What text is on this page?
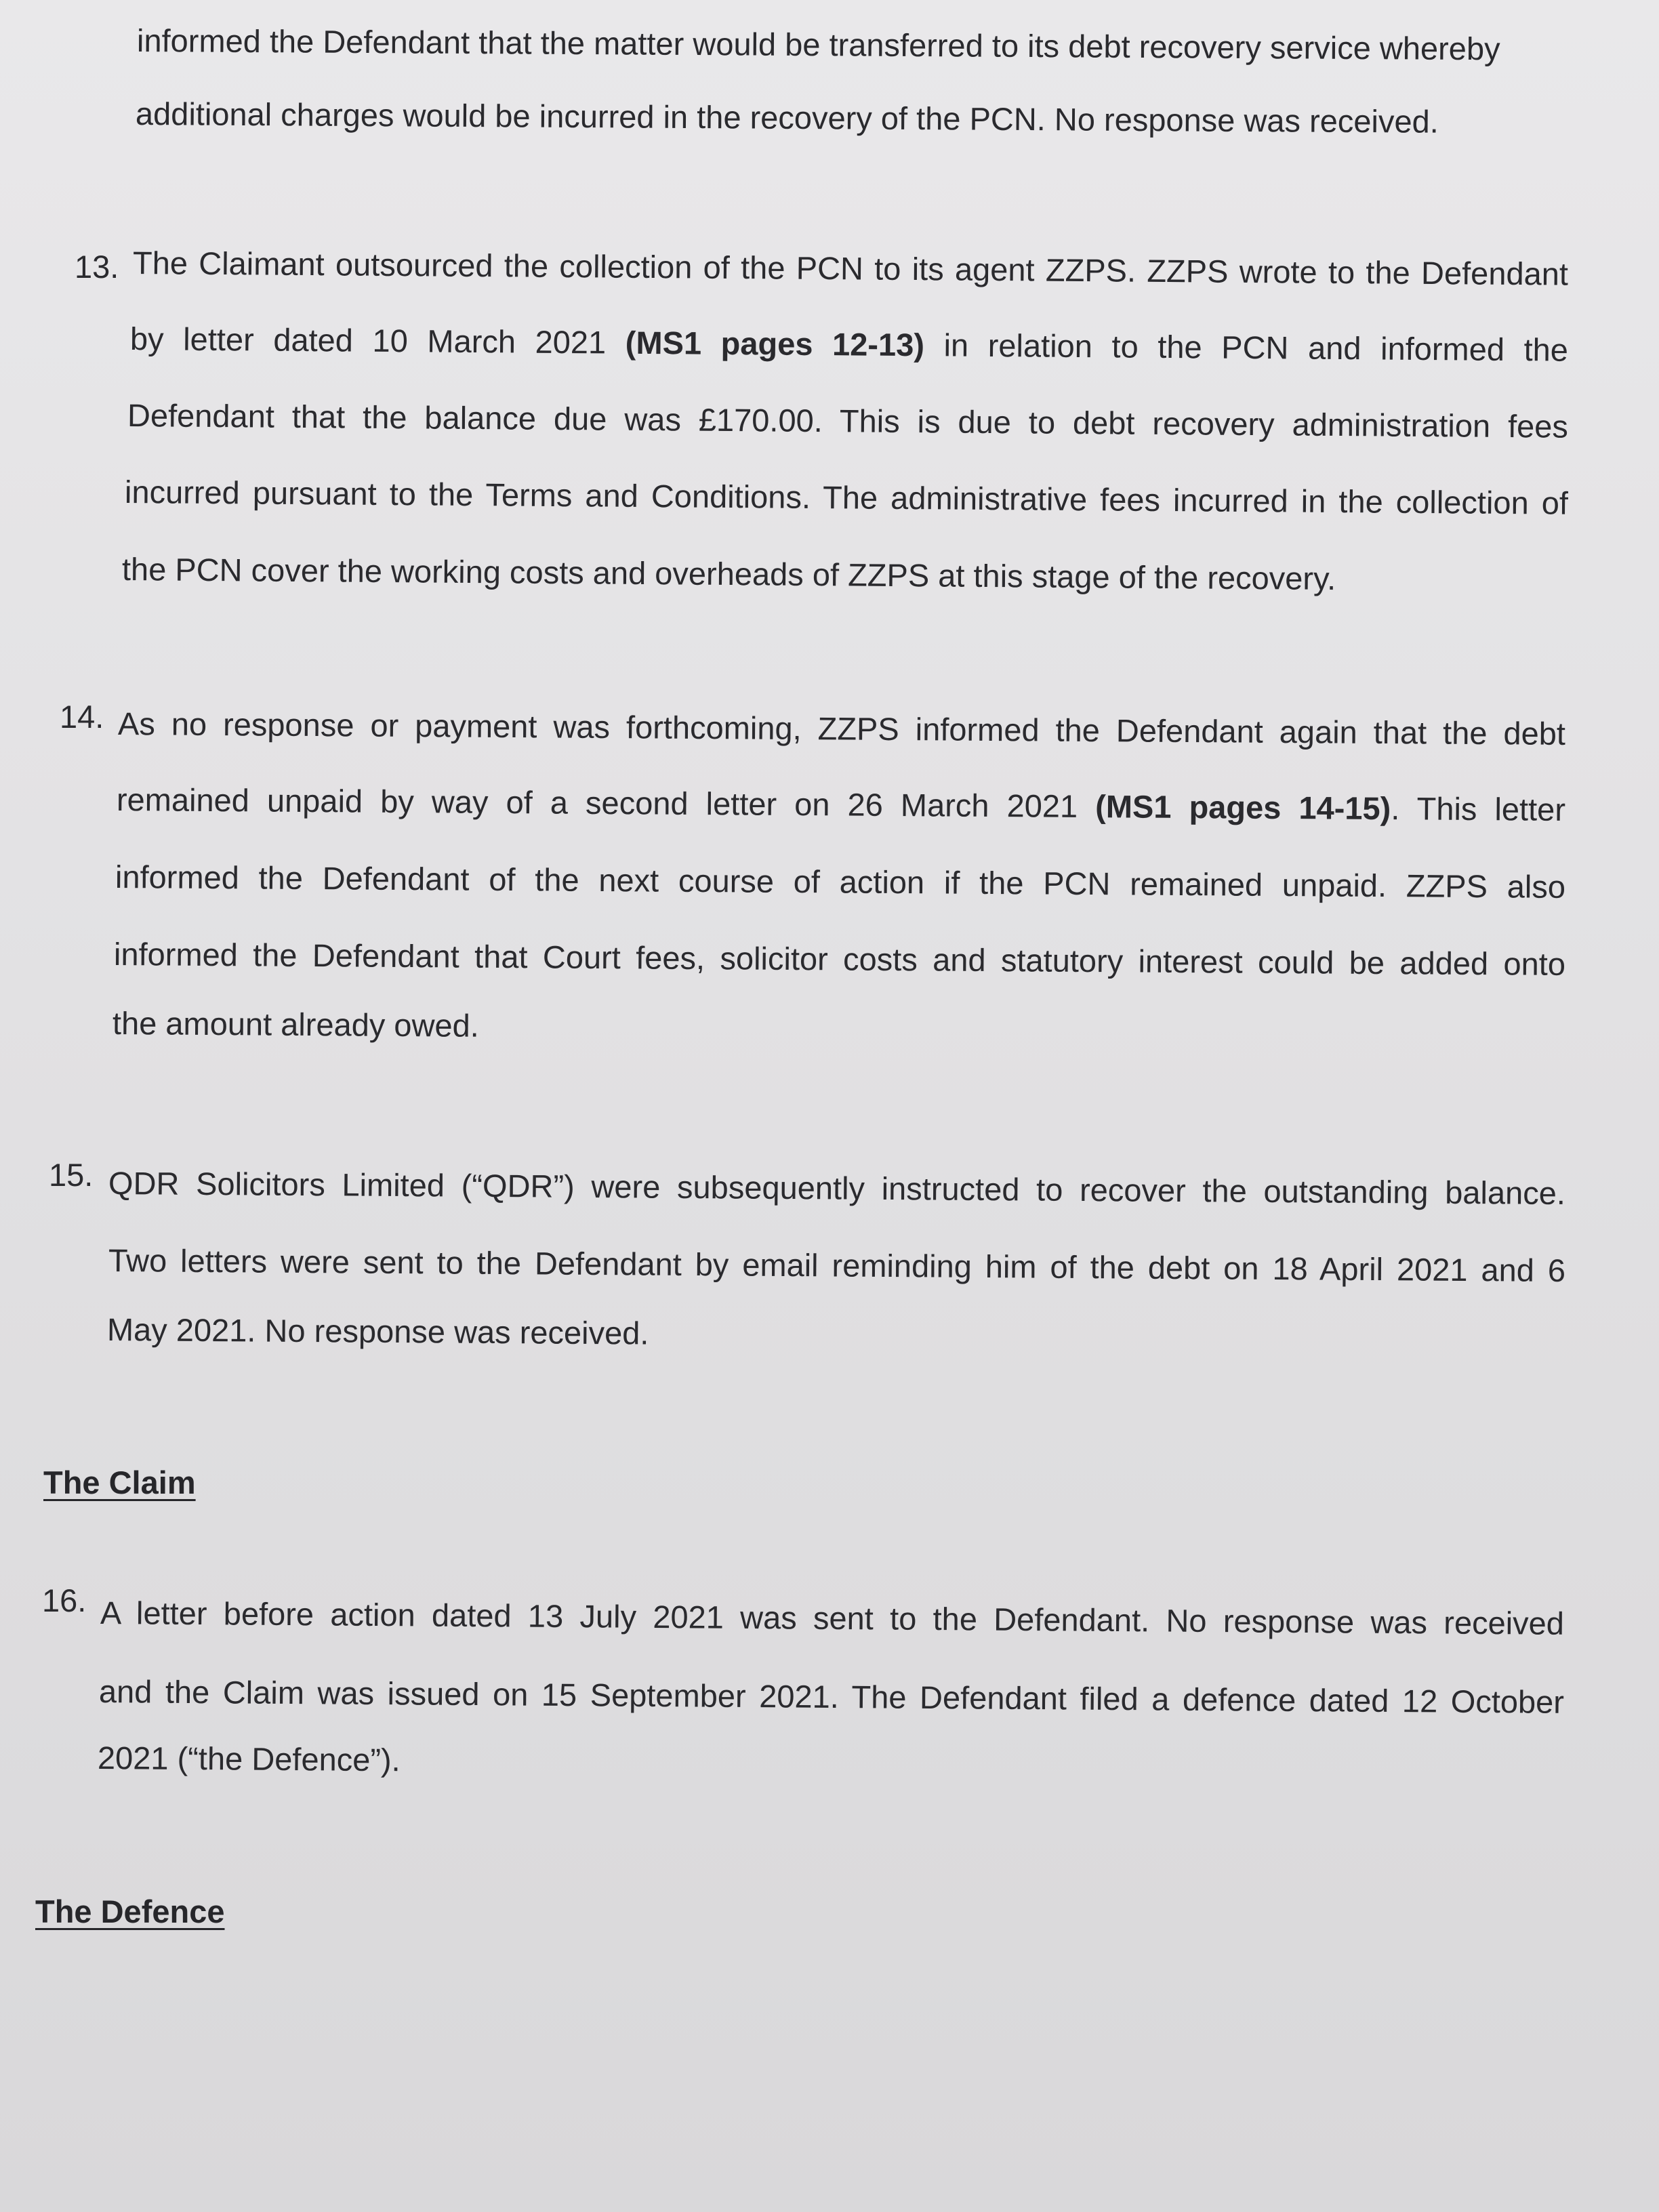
informed the Defendant that the matter would be transferred to its debt recovery service whereby
additional charges would be incurred in the recovery of the PCN. No response was received.
13. The Claimant outsourced the collection of the PCN to its agent ZZPS. ZZPS wrote to the Defendant
by letter dated 10 March 2021 (MS1 pages 12-13) in relation to the PCN and informed the
Defendant that the balance due was £170.00. This is due to debt recovery administration fees
incurred pursuant to the Terms and Conditions. The administrative fees incurred in the collection of
the PCN cover the working costs and overheads of ZZPS at this stage of the recovery.
14. As no response or payment was forthcoming, ZZPS informed the Defendant again that the debt
remained unpaid by way of a second letter on 26 March 2021 (MS1 pages 14-15). This letter
informed the Defendant of the next course of action if the PCN remained unpaid. ZZPS also
informed the Defendant that Court fees, solicitor costs and statutory interest could be added onto
the amount already owed.
15. QDR Solicitors Limited (“QDR”) were subsequently instructed to recover the outstanding balance.
Two letters were sent to the Defendant by email reminding him of the debt on 18 April 2021 and 6
May 2021. No response was received.
The Claim
16. A letter before action dated 13 July 2021 was sent to the Defendant. No response was received
and the Claim was issued on 15 September 2021. The Defendant filed a defence dated 12 October
2021 (“the Defence”).
The Defence
